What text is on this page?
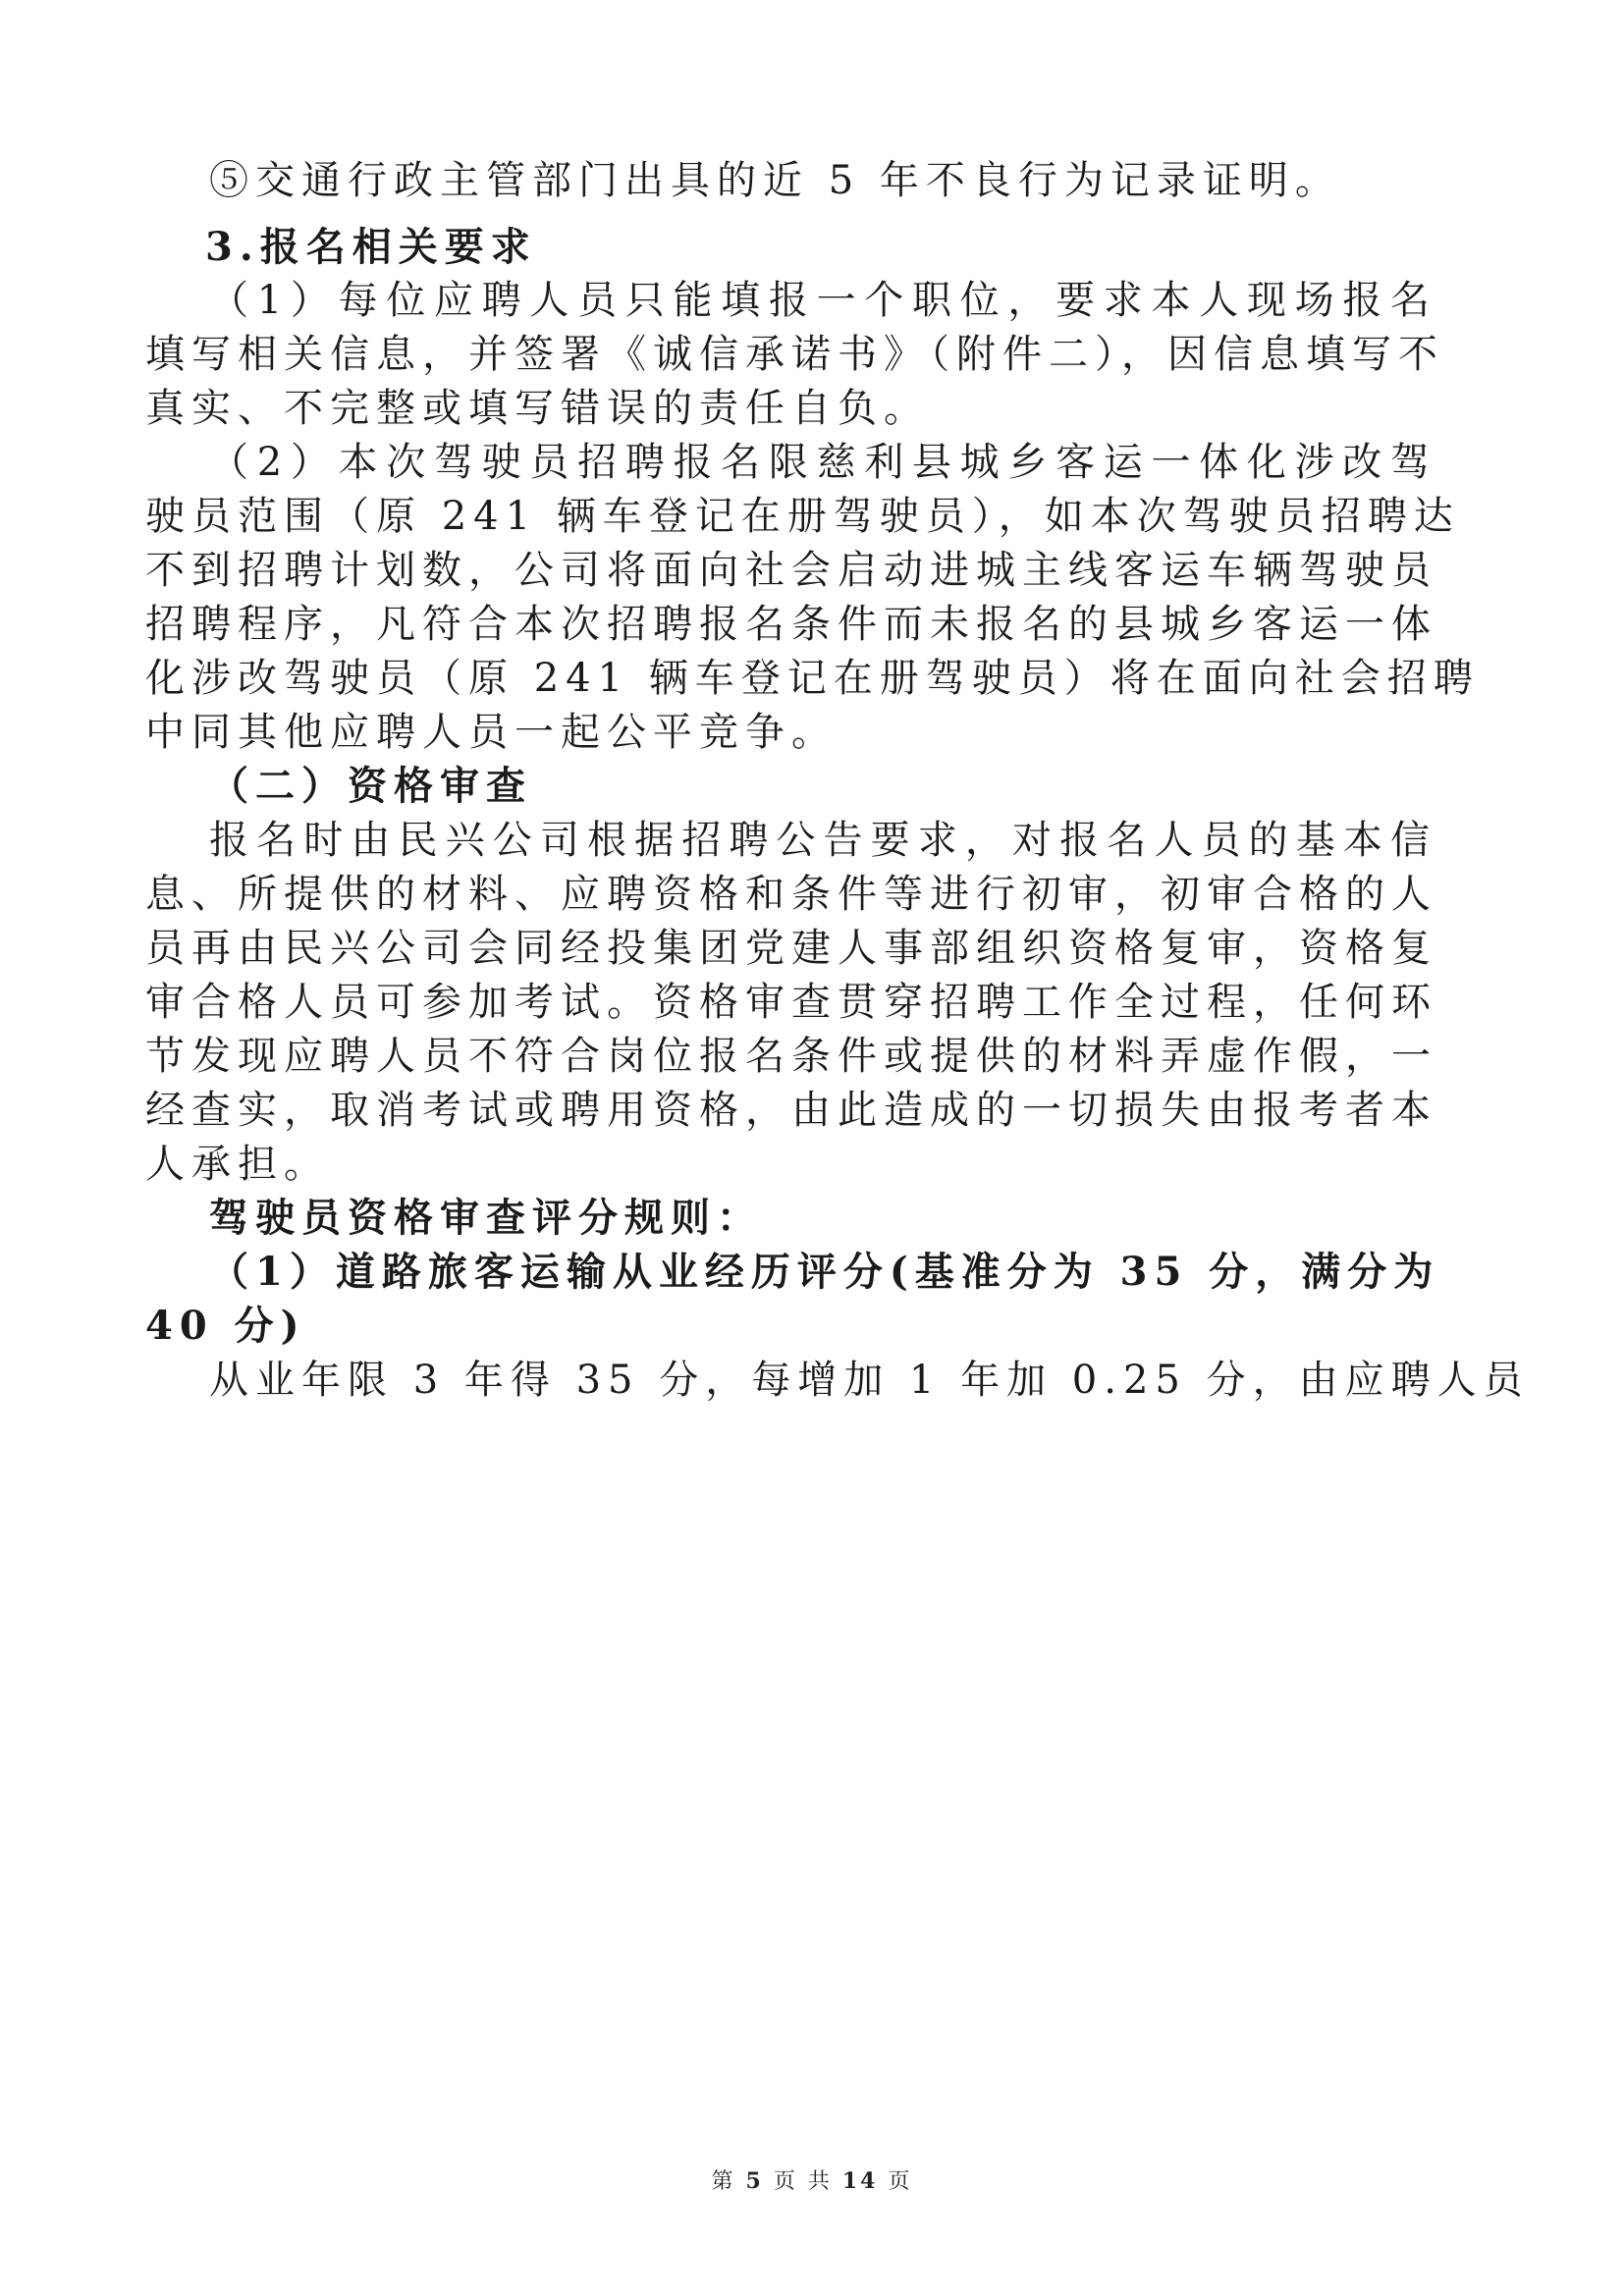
⑤交通行政主管部门出具的近 5 年不良行为记录证明。
3.报名相关要求
（1）每位应聘人员只能填报一个职位，要求本人现场报名
填写相关信息，并签署《诚信承诺书》（附件二），因信息填写不
真实、不完整或填写错误的责任自负。
（2）本次驾驶员招聘报名限慈利县城乡客运一体化涉改驾
驶员范围（原 241 辆车登记在册驾驶员），如本次驾驶员招聘达
不到招聘计划数，公司将面向社会启动进城主线客运车辆驾驶员
招聘程序，凡符合本次招聘报名条件而未报名的县城乡客运一体
化涉改驾驶员（原 241 辆车登记在册驾驶员）将在面向社会招聘
中同其他应聘人员一起公平竞争。
（二）资格审查
报名时由民兴公司根据招聘公告要求，对报名人员的基本信
息、所提供的材料、应聘资格和条件等进行初审，初审合格的人
员再由民兴公司会同经投集团党建人事部组织资格复审，资格复
审合格人员可参加考试。资格审查贯穿招聘工作全过程，任何环
节发现应聘人员不符合岗位报名条件或提供的材料弄虚作假，一
经查实，取消考试或聘用资格，由此造成的一切损失由报考者本
人承担。
驾驶员资格审查评分规则：
（1）道路旅客运输从业经历评分(基准分为 35 分，满分为
40 分)
从业年限 3 年得 35 分，每增加 1 年加 0.25 分，由应聘人员
第 5 页 共 14 页
